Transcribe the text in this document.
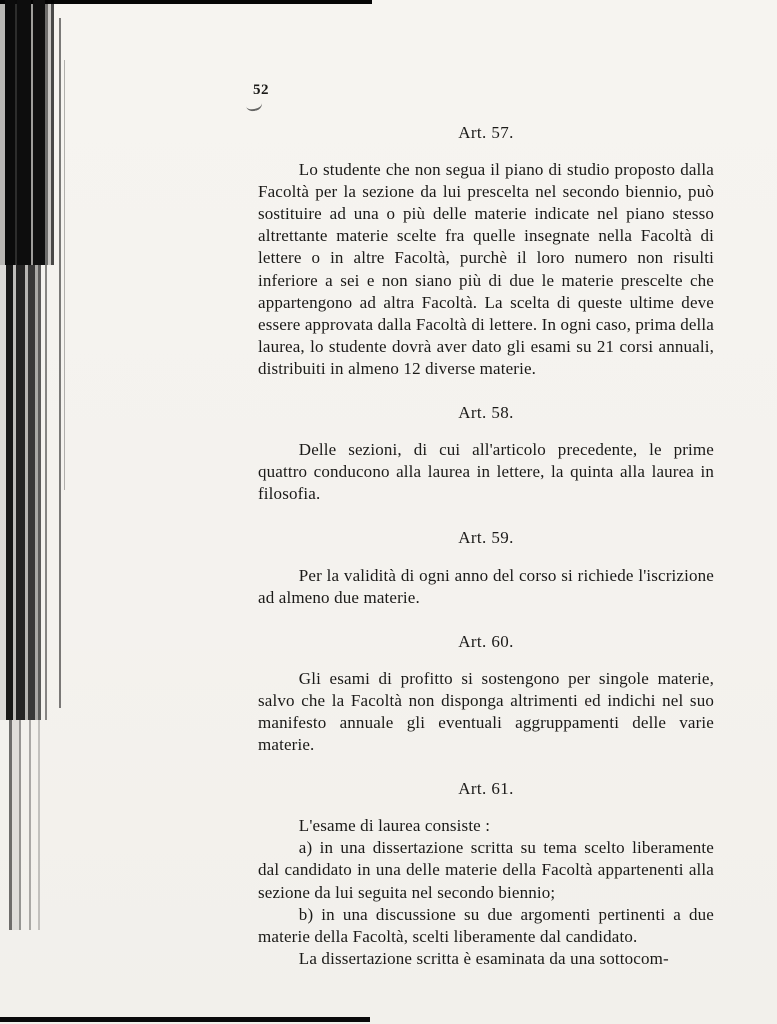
52
Art. 57.

Lo studente che non segua il piano di studio proposto dalla Facoltà per la sezione da lui prescelta nel secondo biennio, può sostituire ad una o più delle materie indicate nel piano stesso altrettante materie scelte fra quelle insegnate nella Facoltà di lettere o in altre Facoltà, purchè il loro numero non risulti inferiore a sei e non siano più di due le materie prescelte che appartengono ad altra Facoltà. La scelta di queste ultime deve essere approvata dalla Facoltà di lettere. In ogni caso, prima della laurea, lo studente dovrà aver dato gli esami su 21 corsi annuali, distribuiti in almeno 12 diverse materie.

Art. 58.

Delle sezioni, di cui all'articolo precedente, le prime quattro conducono alla laurea in lettere, la quinta alla laurea in filosofia.

Art. 59.

Per la validità di ogni anno del corso si richiede l'iscrizione ad almeno due materie.

Art. 60.

Gli esami di profitto si sostengono per singole materie, salvo che la Facoltà non disponga altrimenti ed indichi nel suo manifesto annuale gli eventuali aggruppamenti delle varie materie.

Art. 61.

L'esame di laurea consiste :

a) in una dissertazione scritta su tema scelto liberamente dal candidato in una delle materie della Facoltà appartenenti alla sezione da lui seguita nel secondo biennio;

b) in una discussione su due argomenti pertinenti a due materie della Facoltà, scelti liberamente dal candidato.

La dissertazione scritta è esaminata da una sottocom-
